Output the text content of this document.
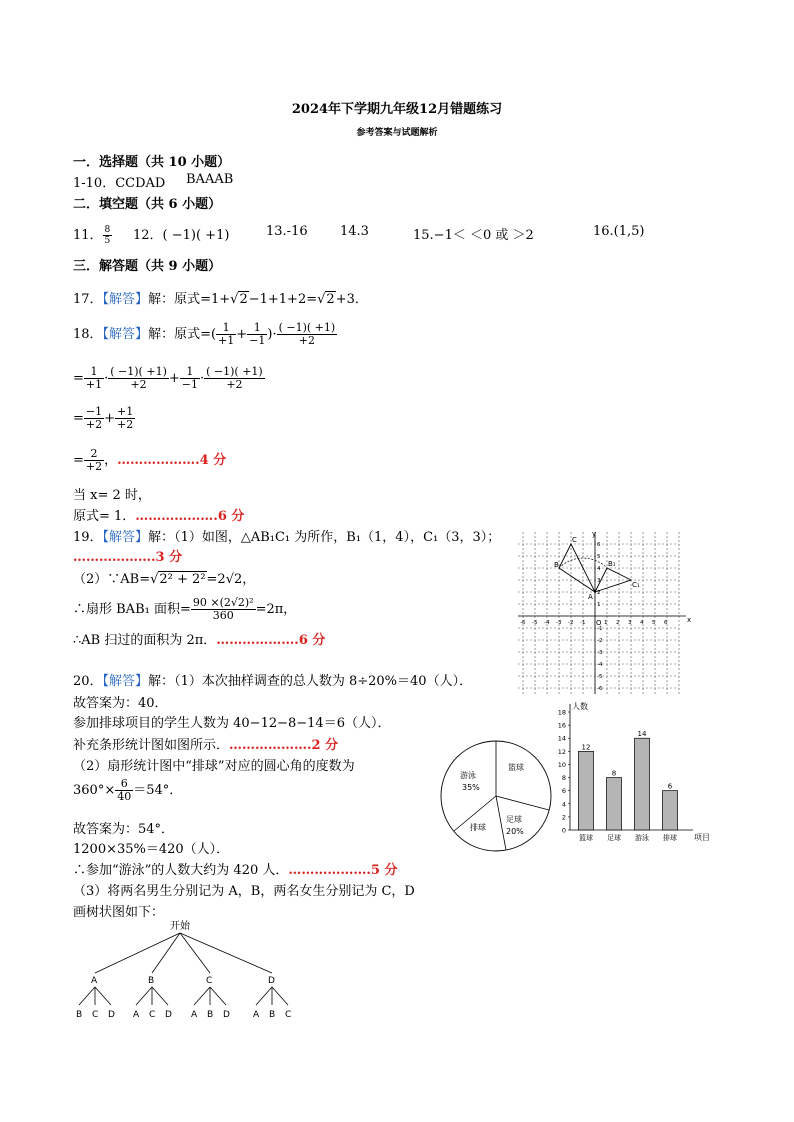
2024年下学期九年级12月错题练习
参考答案与试题解析
一．选择题（共 10 小题）
1-10．CCDAD BAAAB
二．填空题（共 6 小题）
11． $\frac{8}{5} 12$．( −1)( +1)	13.-16 14.3	15.−1＜ ＜0 或 ＞2	16.(1,5)
三．解答题（共 9 小题）
17．【解答】解：原式=1+√2−1+1+2=√2+3．
18．【解答】解：原式=( $\frac{1}{+1} + \frac{1}{-1}$ )· $\frac{( -1)( +1)}{+2}$
= $\frac{1}{+1} \cdot \frac{( -1)( +1)}{+2} + \frac{1}{-1} \cdot \frac{( -1)( +1)}{+2}$
= $\frac{-1}{+2} + \frac{+1}{+2}$
= $\frac{2}{+2}$ ，……………….4 分
当 x= 2 时，
原式= 1．……………….6 分
19．【解答】解：（1）如图，△AB₁C₁ 为所作，B₁（1，4），C₁（3，3）；
……………….3 分
（2）∵AB=√2² + 2²=2√2，
∴扇形 BAB₁ 面积= $\frac{\text{90 ×(2√2)²}}{360} =2\pi$，
∴AB 扫过的面积为 2π．……………….6 分
x
y
O
-6 -5 -4 -3 -2 -1	1 2 3 4 5 6
6
5
4
3
2
1
-1
-2
-3
-4
-5
-6
C
B
A
B₁
C₁
20．【解答】解：（1）本次抽样调查的总人数为 8÷20%＝40（人）．
故答案为：40．
参加排球项目的学生人数为 40−12−8−14＝6（人）．
补充条形统计图如图所示．……………….2 分
（2）扇形统计图中“排球”对应的圆心角的度数为
$360^\circ\times \frac{6}{40} =54^\circ$．
故答案为：54°．
1200×35%＝420（人）．
∴参加“游泳”的人数大约为 420 人．……………….5 分
（3）将两名男生分别记为 A，B，两名女生分别记为 C，D
画树状图如下：
游泳
35%
篮球
足球
20%
排球
人数
项目
0
2
4
6
8
10
12
14
16
18
12
篮球
8
足球
14
游泳
6
排球
开始
A
B C D
B
A C D
C
A B D
D
A B C
